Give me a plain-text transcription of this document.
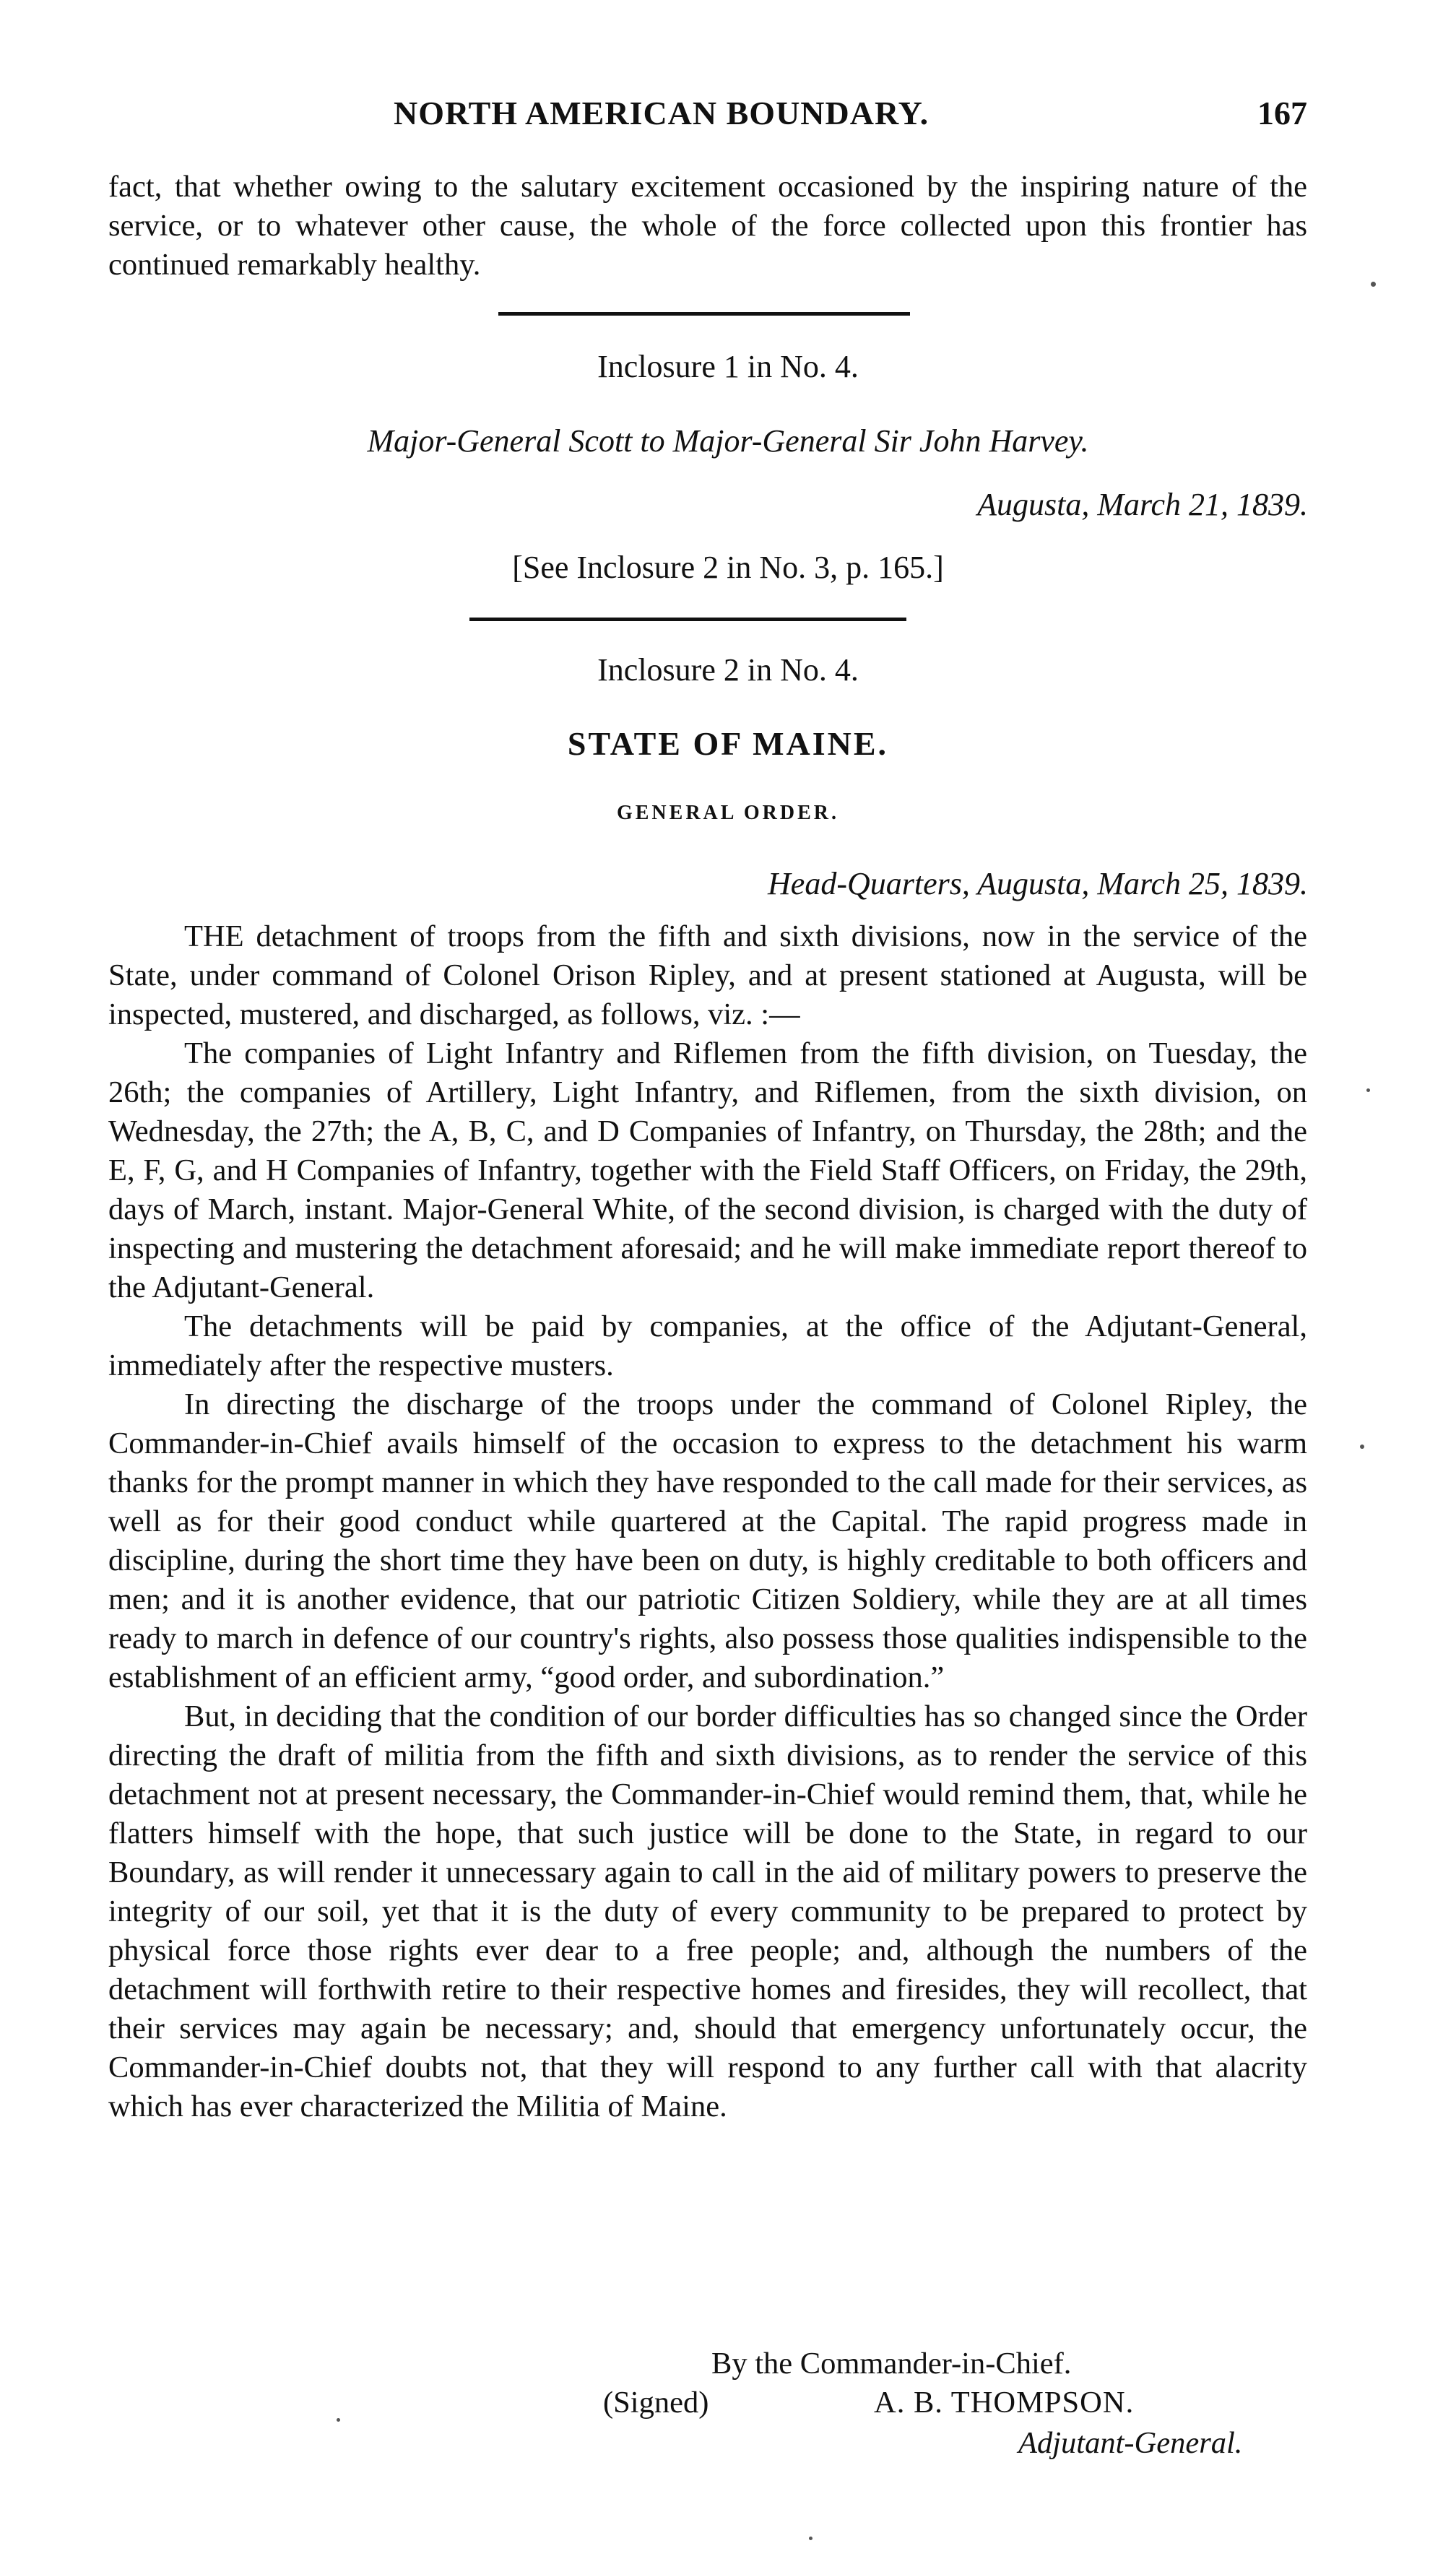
NORTH AMERICAN BOUNDARY.	167

fact, that whether owing to the salutary excitement occasioned by the inspiring nature of the service, or to whatever other cause, the whole of the force collected upon this frontier has continued remarkably healthy.

Inclosure 1 in No. 4.
Major-General Scott to Major-General Sir John Harvey.
Augusta, March 21, 1839.
[See Inclosure 2 in No. 3, p. 165.]
Inclosure 2 in No. 4.
STATE OF MAINE.
GENERAL ORDER.
Head-Quarters, Augusta, March 25, 1839.

THE detachment of troops from the fifth and sixth divisions, now in the service of the State, under command of Colonel Orison Ripley, and at present stationed at Augusta, will be inspected, mustered, and discharged, as follows, viz. :—

The companies of Light Infantry and Riflemen from the fifth division, on Tuesday, the 26th; the companies of Artillery, Light Infantry, and Riflemen, from the sixth division, on Wednesday, the 27th; the A, B, C, and D Companies of Infantry, on Thursday, the 28th; and the E, F, G, and H Companies of Infantry, together with the Field Staff Officers, on Friday, the 29th, days of March, instant. Major-General White, of the second division, is charged with the duty of inspecting and mustering the detachment aforesaid; and he will make immediate report thereof to the Adjutant-General.

The detachments will be paid by companies, at the office of the Adjutant-General, immediately after the respective musters.

In directing the discharge of the troops under the command of Colonel Ripley, the Commander-in-Chief avails himself of the occasion to express to the detachment his warm thanks for the prompt manner in which they have responded to the call made for their services, as well as for their good conduct while quartered at the Capital. The rapid progress made in discipline, during the short time they have been on duty, is highly creditable to both officers and men; and it is another evidence, that our patriotic Citizen Soldiery, while they are at all times ready to march in defence of our country's rights, also possess those qualities indispensible to the establishment of an efficient army, “good order, and subordination.”

But, in deciding that the condition of our border difficulties has so changed since the Order directing the draft of militia from the fifth and sixth divisions, as to render the service of this detachment not at present necessary, the Commander-in-Chief would remind them, that, while he flatters himself with the hope, that such justice will be done to the State, in regard to our Boundary, as will render it unnecessary again to call in the aid of military powers to preserve the integrity of our soil, yet that it is the duty of every community to be prepared to protect by physical force those rights ever dear to a free people; and, although the numbers of the detachment will forthwith retire to their respective homes and firesides, they will recollect, that their services may again be necessary; and, should that emergency unfortunately occur, the Commander-in-Chief doubts not, that they will respond to any further call with that alacrity which has ever characterized the Militia of Maine.

By the Commander-in-Chief.
(Signed)	A. B. THOMPSON.
Adjutant-General.
